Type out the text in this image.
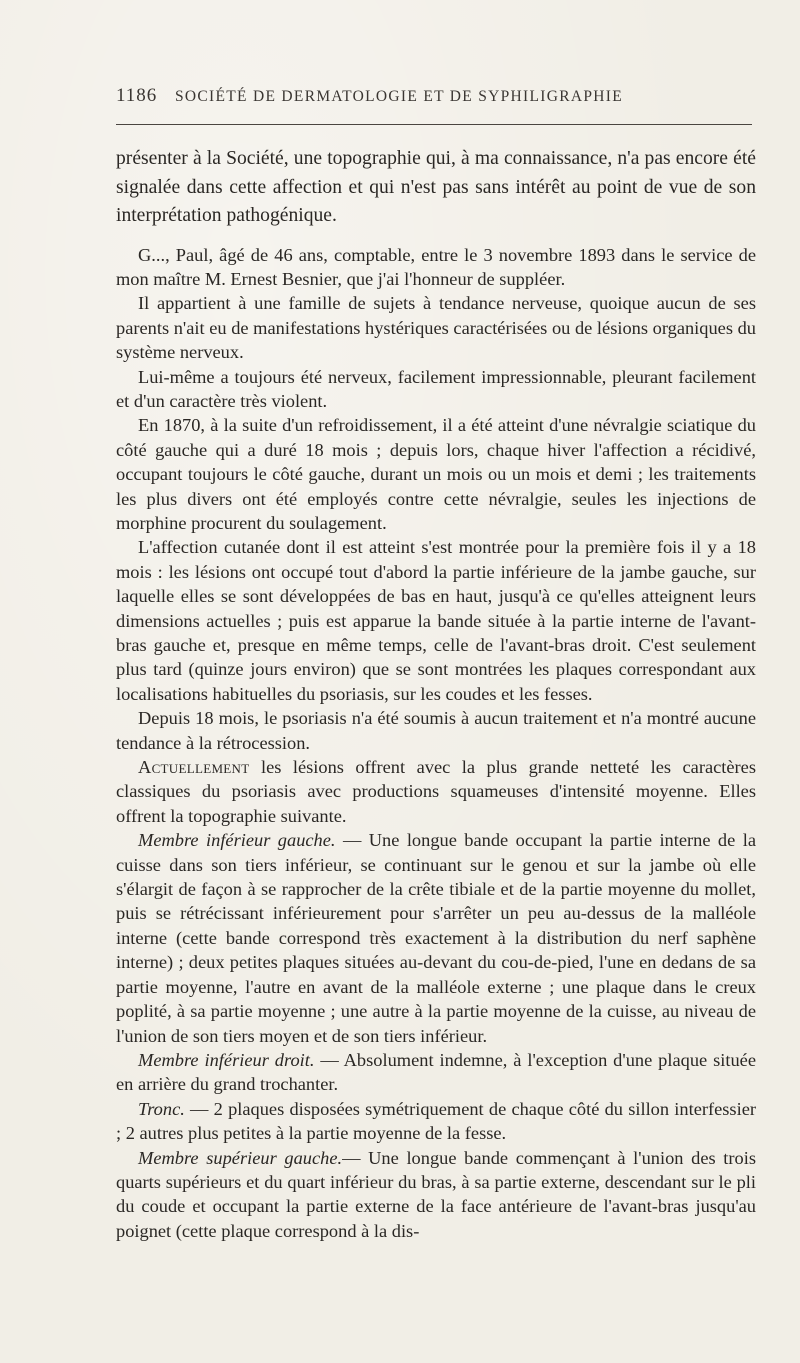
1186 SOCIÉTÉ DE DERMATOLOGIE ET DE SYPHILIGRAPHIE

présenter à la Société, une topographie qui, à ma connaissance, n'a pas encore été signalée dans cette affection et qui n'est pas sans intérêt au point de vue de son interprétation pathogénique.

G..., Paul, âgé de 46 ans, comptable, entre le 3 novembre 1893 dans le service de mon maître M. Ernest Besnier, que j'ai l'honneur de suppléer.

Il appartient à une famille de sujets à tendance nerveuse, quoique aucun de ses parents n'ait eu de manifestations hystériques caractérisées ou de lésions organiques du système nerveux.

Lui-même a toujours été nerveux, facilement impressionnable, pleurant facilement et d'un caractère très violent.

En 1870, à la suite d'un refroidissement, il a été atteint d'une névralgie sciatique du côté gauche qui a duré 18 mois ; depuis lors, chaque hiver l'affection a récidivé, occupant toujours le côté gauche, durant un mois ou un mois et demi ; les traitements les plus divers ont été employés contre cette névralgie, seules les injections de morphine procurent du soulagement.

L'affection cutanée dont il est atteint s'est montrée pour la première fois il y a 18 mois : les lésions ont occupé tout d'abord la partie inférieure de la jambe gauche, sur laquelle elles se sont développées de bas en haut, jusqu'à ce qu'elles atteignent leurs dimensions actuelles ; puis est apparue la bande située à la partie interne de l'avant-bras gauche et, presque en même temps, celle de l'avant-bras droit. C'est seulement plus tard (quinze jours environ) que se sont montrées les plaques correspondant aux localisations habituelles du psoriasis, sur les coudes et les fesses.

Depuis 18 mois, le psoriasis n'a été soumis à aucun traitement et n'a montré aucune tendance à la rétrocession.

Actuellement les lésions offrent avec la plus grande netteté les caractères classiques du psoriasis avec productions squameuses d'intensité moyenne. Elles offrent la topographie suivante.

Membre inférieur gauche. — Une longue bande occupant la partie interne de la cuisse dans son tiers inférieur, se continuant sur le genou et sur la jambe où elle s'élargit de façon à se rapprocher de la crête tibiale et de la partie moyenne du mollet, puis se rétrécissant inférieurement pour s'arrêter un peu au-dessus de la malléole interne (cette bande correspond très exactement à la distribution du nerf saphène interne) ; deux petites plaques situées au-devant du cou-de-pied, l'une en dedans de sa partie moyenne, l'autre en avant de la malléole externe ; une plaque dans le creux poplité, à sa partie moyenne ; une autre à la partie moyenne de la cuisse, au niveau de l'union de son tiers moyen et de son tiers inférieur.

Membre inférieur droit. — Absolument indemne, à l'exception d'une plaque située en arrière du grand trochanter.

Tronc. — 2 plaques disposées symétriquement de chaque côté du sillon interfessier ; 2 autres plus petites à la partie moyenne de la fesse.

Membre supérieur gauche.— Une longue bande commençant à l'union des trois quarts supérieurs et du quart inférieur du bras, à sa partie externe, descendant sur le pli du coude et occupant la partie externe de la face antérieure de l'avant-bras jusqu'au poignet (cette plaque correspond à la dis-
